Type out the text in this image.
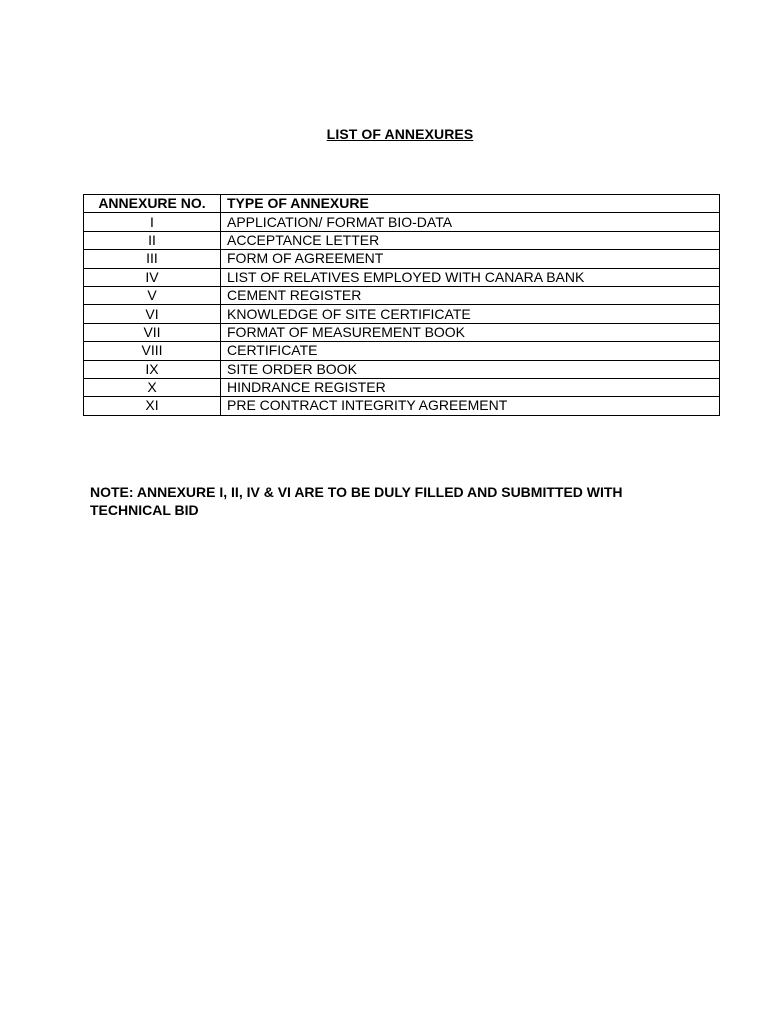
LIST OF ANNEXURES
ANNEXURE NO.	TYPE OF ANNEXURE
I	APPLICATION/ FORMAT BIO-DATA
II	ACCEPTANCE LETTER
III	FORM OF AGREEMENT
IV	LIST OF RELATIVES EMPLOYED WITH CANARA BANK
V	CEMENT REGISTER
VI	KNOWLEDGE OF SITE CERTIFICATE
VII	FORMAT OF MEASUREMENT BOOK
VIII	CERTIFICATE
IX	SITE ORDER BOOK
X	HINDRANCE REGISTER
XI	PRE CONTRACT INTEGRITY AGREEMENT
NOTE: ANNEXURE I, II, IV & VI ARE TO BE DULY FILLED AND SUBMITTED WITH
TECHNICAL BID
